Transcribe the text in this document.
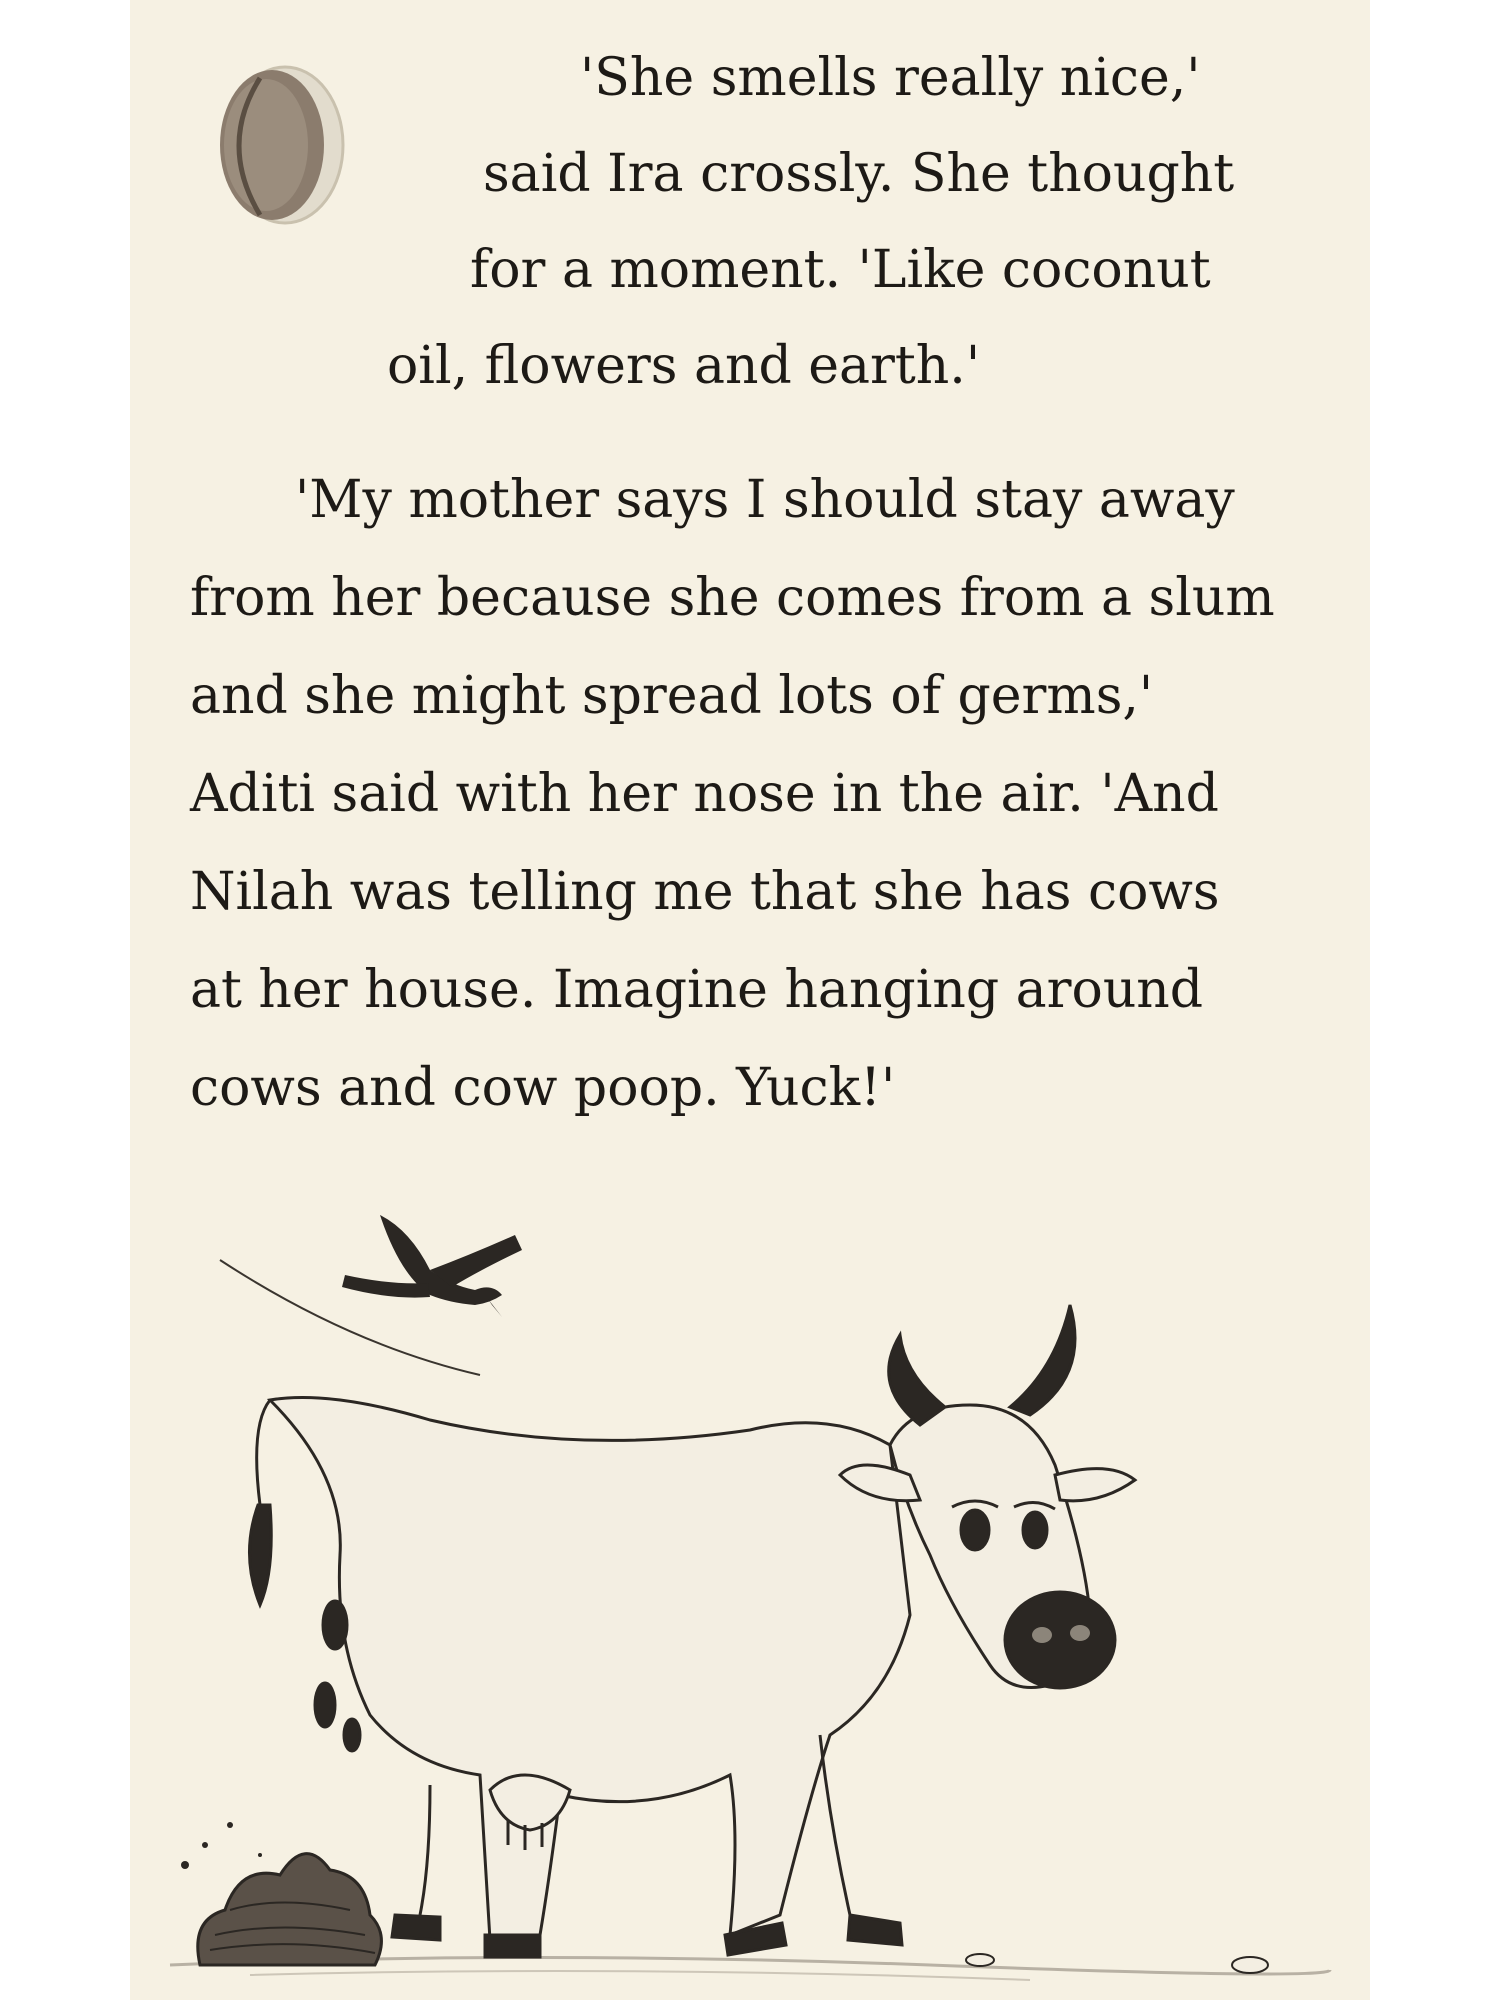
'She smells really nice,'

said Ira crossly. She thought

for a moment. 'Like coconut

oil, flowers and earth.'

'My mother says I should stay away

from her because she comes from a slum

and she might spread lots of germs,'

Aditi said with her nose in the air. 'And

Nilah was telling me that she has cows

at her house. Imagine hanging around

cows and cow poop. Yuck!'
